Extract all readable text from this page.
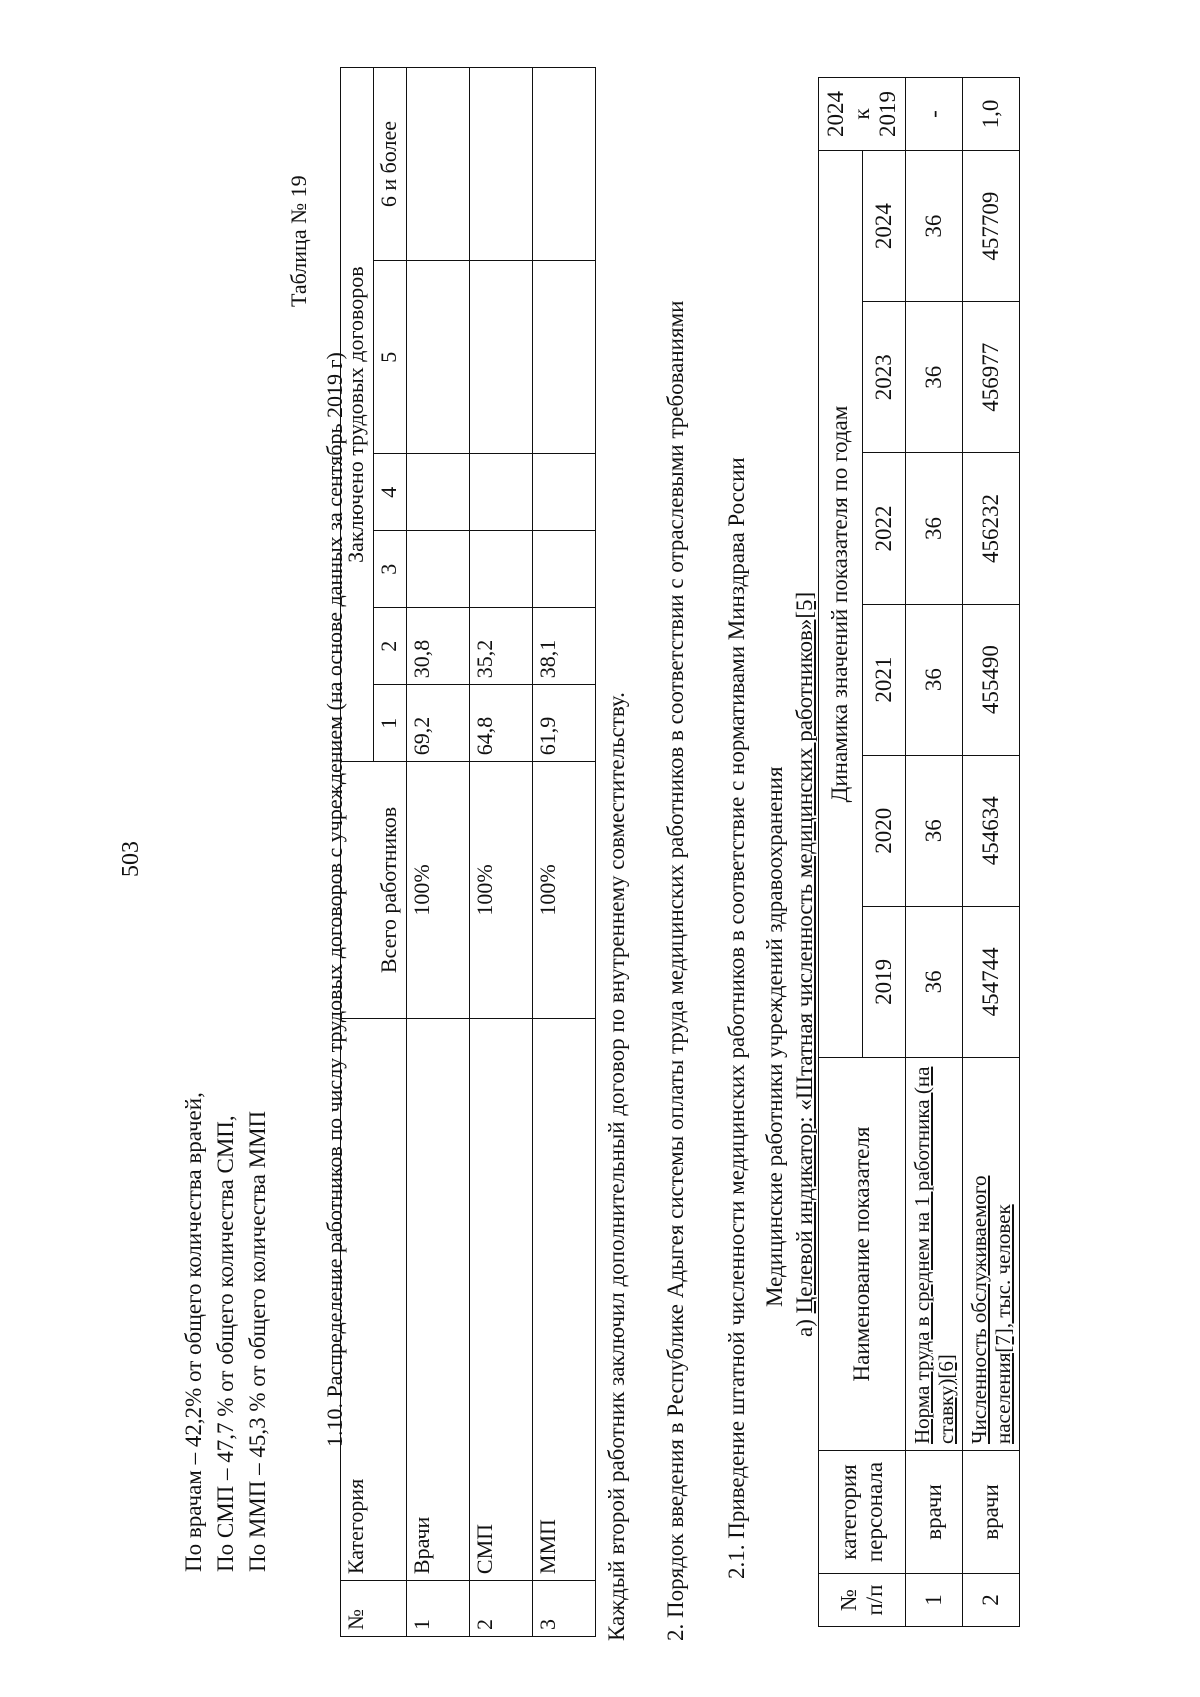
503
По врачам – 42,2% от общего количества врачей, По СМП – 47,7 % от общего количества СМП, По ММП – 45,3 % от общего количества ММП 1.10. Распределение работников по числу трудовых договоров с учреждением (на основе данных за сентябрь 2019 г)
Таблица № 19
№	Категория		Заключено трудовых договоров					
		Всего работников	1	2	3	4	5	6 и более
1	Врачи	100%	69,2	30,8				
2	СМП	100%	64,8	35,2				
3	ММП	100%	61,9	38,1				
Каждый второй работник заключил дополнительный договор по внутреннему совместительству. 2. Порядок введения в Республике Адыгея системы оплаты труда медицинских работников в соответствии с отраслевыми требованиями 2.1. Приведение штатной численности медицинских работников в соответствие с нормативами Минздрава России Медицинские работники учреждений здравоохранения
а) Целевой индикатор: «Штатная численность медицинских работников»[5]
№ п/п	категория персонала	Наименование показателя	Динамика значений показателя по годам						2024 к 2019
			2019	2020	2021	2022	2023	2024	
1	врачи	Норма труда в среднем на 1 работника (на ставку)[6]	36	36	36	36	36	36	-
2	врачи	Численность обслуживаемого населения[7], тыс. человек	454744	454634	455490	456232	456977	457709	1,0
